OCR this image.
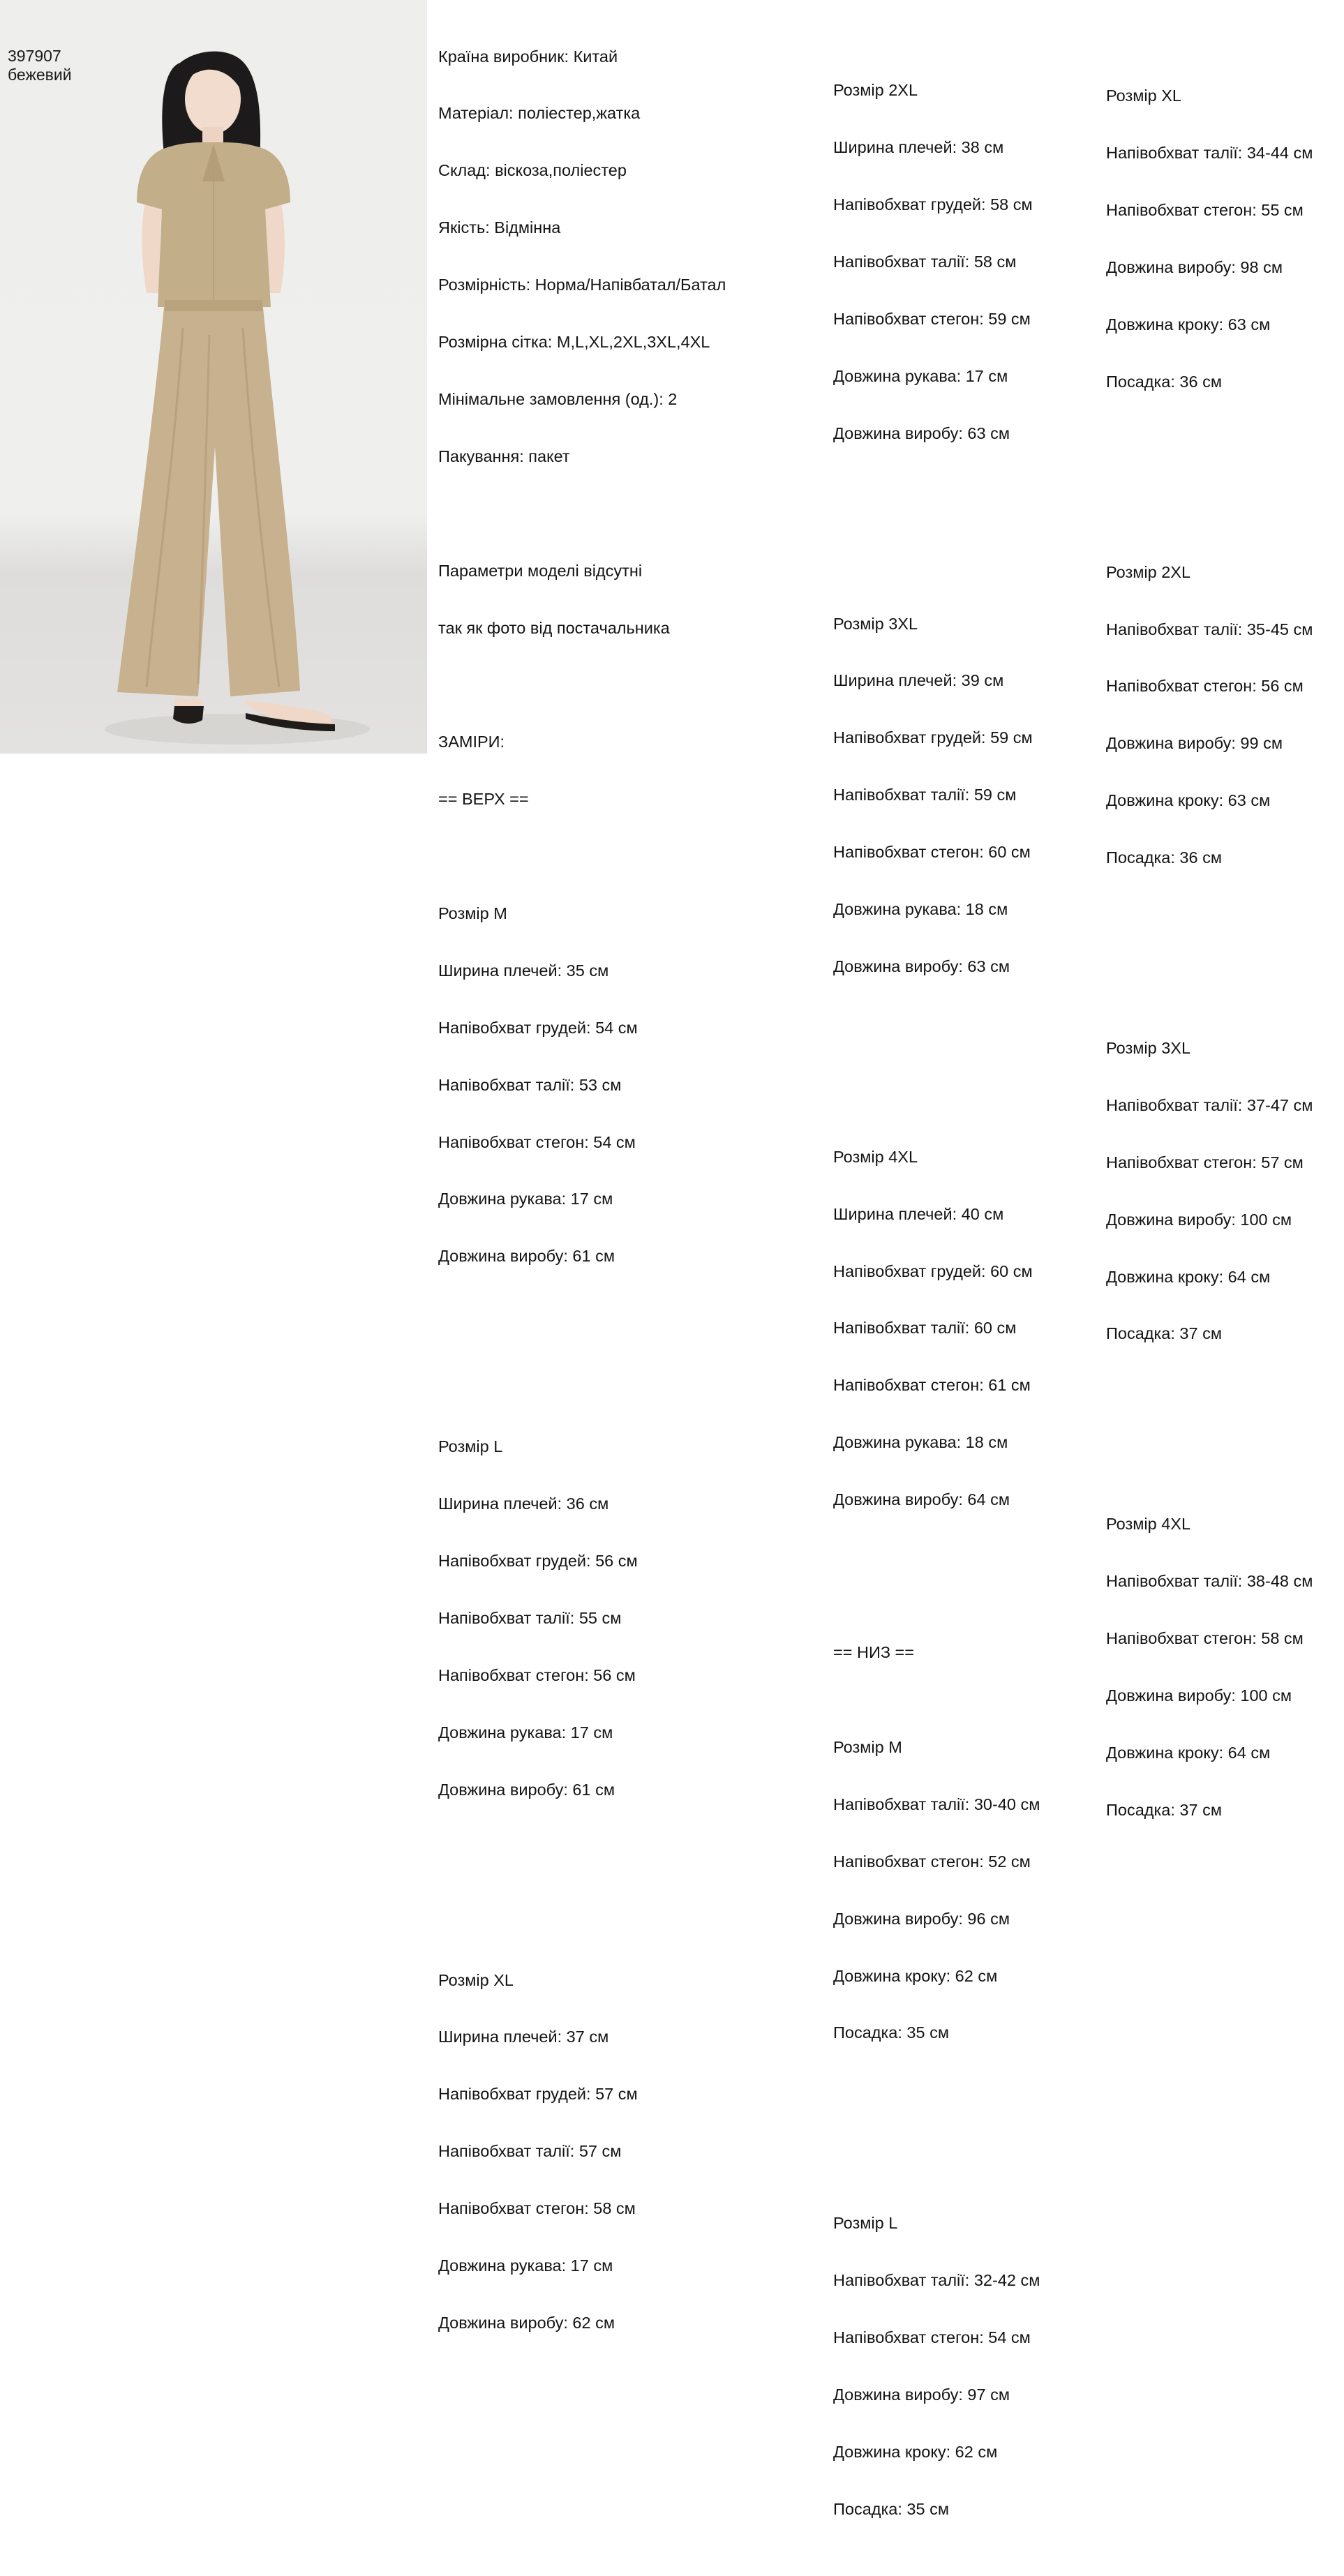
397907
бежевий

Країна виробник: Китай

Матеріал: поліестер,жатка

Склад: віскоза,поліестер

Якість: Відмінна

Розмірність: Норма/Напівбатал/Батал

Розмірна сітка: M,L,XL,2XL,3XL,4XL

Мінімальне замовлення (од.): 2

Пакування: пакет

Параметри моделі відсутні

так як фото від постачальника

ЗАМІРИ:

== ВЕРХ ==

Розмір M

Ширина плечей: 35 см

Напівобхват грудей: 54 см

Напівобхват талії: 53 см

Напівобхват стегон: 54 см

Довжина рукава: 17 см

Довжина виробу: 61 см

Розмір L

Ширина плечей: 36 см

Напівобхват грудей: 56 см

Напівобхват талії: 55 см

Напівобхват стегон: 56 см

Довжина рукава: 17 см

Довжина виробу: 61 см

Розмір XL

Ширина плечей: 37 см

Напівобхват грудей: 57 см

Напівобхват талії: 57 см

Напівобхват стегон: 58 см

Довжина рукава: 17 см

Довжина виробу: 62 см

Розмір 2XL

Ширина плечей: 38 см

Напівобхват грудей: 58 см

Напівобхват талії: 58 см

Напівобхват стегон: 59 см

Довжина рукава: 17 см

Довжина виробу: 63 см

Розмір 3XL

Ширина плечей: 39 см

Напівобхват грудей: 59 см

Напівобхват талії: 59 см

Напівобхват стегон: 60 см

Довжина рукава: 18 см

Довжина виробу: 63 см

Розмір 4XL

Ширина плечей: 40 см

Напівобхват грудей: 60 см

Напівобхват талії: 60 см

Напівобхват стегон: 61 см

Довжина рукава: 18 см

Довжина виробу: 64 см

== НИЗ ==

Розмір M

Напівобхват талії: 30-40 см

Напівобхват стегон: 52 см

Довжина виробу: 96 см

Довжина кроку: 62 см

Посадка: 35 см

Розмір L

Напівобхват талії: 32-42 см

Напівобхват стегон: 54 см

Довжина виробу: 97 см

Довжина кроку: 62 см

Посадка: 35 см

Розмір XL

Напівобхват талії: 34-44 см

Напівобхват стегон: 55 см

Довжина виробу: 98 см

Довжина кроку: 63 см

Посадка: 36 см

Розмір 2XL

Напівобхват талії: 35-45 см

Напівобхват стегон: 56 см

Довжина виробу: 99 см

Довжина кроку: 63 см

Посадка: 36 см

Розмір 3XL

Напівобхват талії: 37-47 см

Напівобхват стегон: 57 см

Довжина виробу: 100 см

Довжина кроку: 64 см

Посадка: 37 см

Розмір 4XL

Напівобхват талії: 38-48 см

Напівобхват стегон: 58 см

Довжина виробу: 100 см

Довжина кроку: 64 см

Посадка: 37 см
